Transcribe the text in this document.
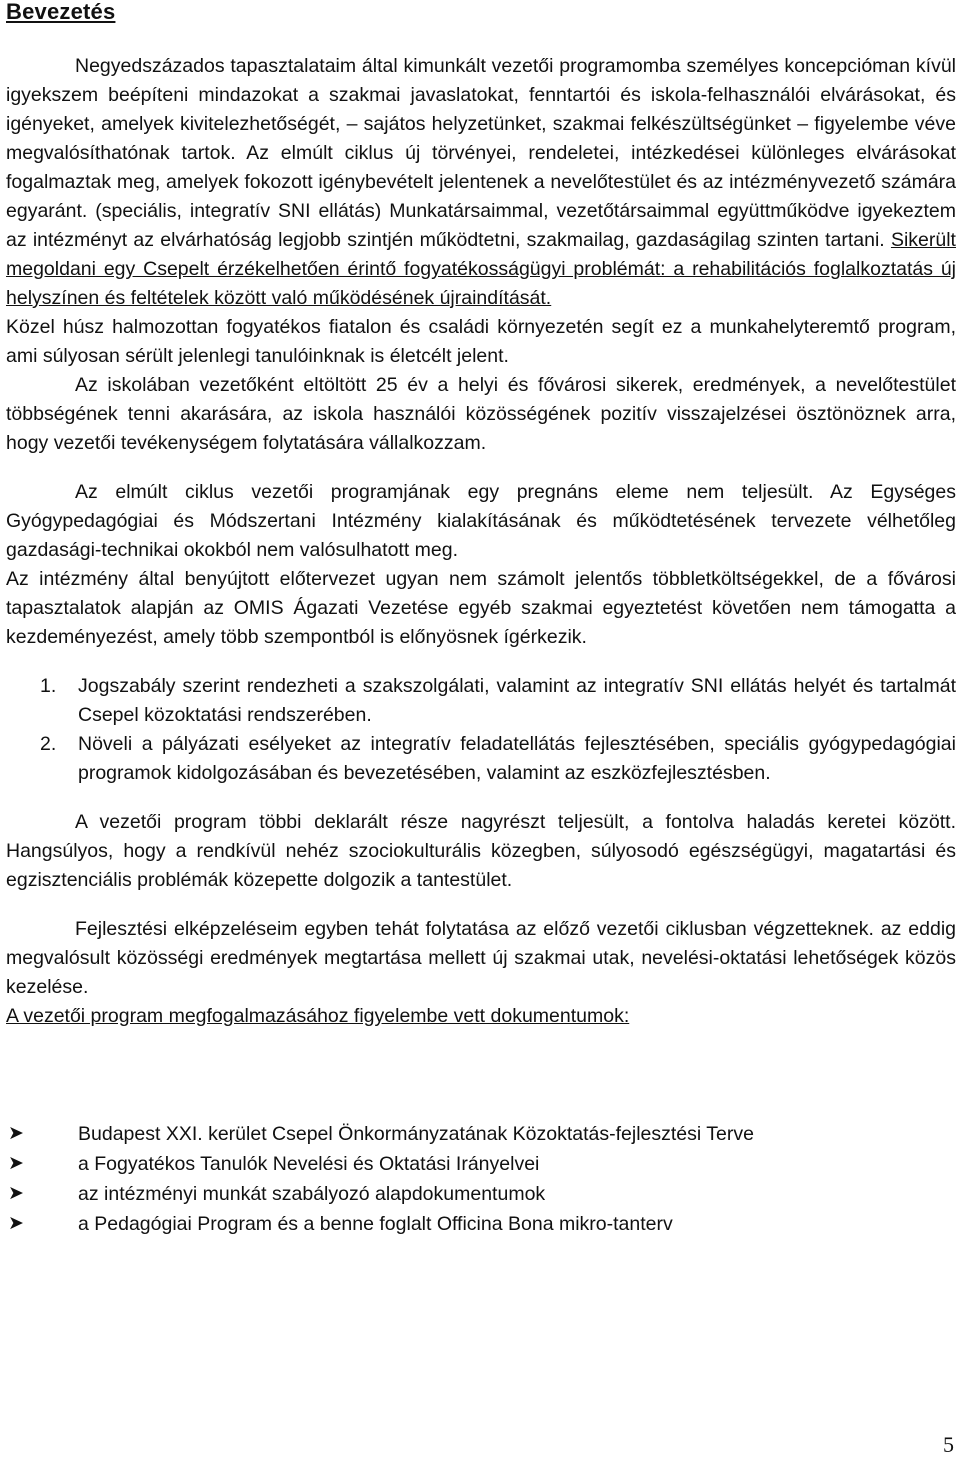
Bevezetés

Negyedszázados tapasztalataim által kimunkált vezetői programomba személyes koncepcióman kívül igyekszem beépíteni mindazokat a szakmai javaslatokat, fenntartói és iskola-felhasználói elvárásokat, és igényeket, amelyek kivitelezhetőségét, – sajátos helyzetünket, szakmai felkészültségünket – figyelembe véve megvalósíthatónak tartok. Az elmúlt ciklus új törvényei, rendeletei, intézkedései különleges elvárásokat fogalmaztak meg, amelyek fokozott igénybevételt jelentenek a nevelőtestület és az intézményvezető számára egyaránt. (speciális, integratív SNI ellátás) Munkatársaimmal, vezetőtársaimmal együttműködve igyekeztem az intézményt az elvárhatóság legjobb szintjén működtetni, szakmailag, gazdaságilag szinten tartani. Sikerült megoldani egy Csepelt érzékelhetően érintő fogyatékosságügyi problémát: a rehabilitációs foglalkoztatás új helyszínen és feltételek között való működésének újraindítását.

Közel húsz halmozottan fogyatékos fiatalon és családi környezetén segít ez a munkahelyteremtő program, ami súlyosan sérült jelenlegi tanulóinknak is életcélt jelent.

Az iskolában vezetőként eltöltött 25 év a helyi és fővárosi sikerek, eredmények, a nevelőtestület többségének tenni akarására, az iskola használói közösségének pozitív visszajelzései ösztönöznek arra, hogy vezetői tevékenységem folytatására vállalkozzam.

Az elmúlt ciklus vezetői programjának egy pregnáns eleme nem teljesült. Az Egységes Gyógypedagógiai és Módszertani Intézmény kialakításának és működtetésének tervezete vélhetőleg gazdasági-technikai okokból nem valósulhatott meg.

Az intézmény által benyújtott előtervezet ugyan nem számolt jelentős többletköltségekkel, de a fővárosi tapasztalatok alapján az OMIS Ágazati Vezetése egyéb szakmai egyeztetést követően nem támogatta a kezdeményezést, amely több szempontból is előnyösnek ígérkezik.

1. Jogszabály szerint rendezheti a szakszolgálati, valamint az integratív SNI ellátás helyét és tartalmát Csepel közoktatási rendszerében.
2. Növeli a pályázati esélyeket az integratív feladatellátás fejlesztésében, speciális gyógypedagógiai programok kidolgozásában és bevezetésében, valamint az eszközfejlesztésben.

A vezetői program többi deklarált része nagyrészt teljesült, a fontolva haladás keretei között. Hangsúlyos, hogy a rendkívül nehéz szociokulturális közegben, súlyosodó egészségügyi, magatartási és egzisztenciális problémák közepette dolgozik a tantestület.

Fejlesztési elképzeléseim egyben tehát folytatása az előző vezetői ciklusban végzetteknek. az eddig megvalósult közösségi eredmények megtartása mellett új szakmai utak, nevelési-oktatási lehetőségek közös kezelése.

A vezetői program megfogalmazásához figyelembe vett dokumentumok:

➤	Budapest XXI. kerület Csepel Önkormányzatának Közoktatás-fejlesztési Terve
➤	a Fogyatékos Tanulók Nevelési és Oktatási Irányelvei
➤	az intézményi munkát szabályozó alapdokumentumok
➤	a Pedagógiai Program és a benne foglalt Officina Bona mikro-tanterv
5
